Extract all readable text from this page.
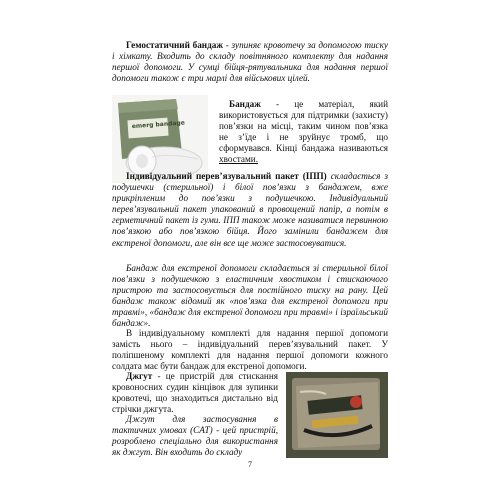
Гемостатичний бандаж - зупиняє кровотечу за допомогою тиску і хімкату. Входить до складу повітняного комплекту для надання першої допомоги. У сумці бійця-рятувальника для надання першої допомоги також є три марлі для військових цілей.

emerg bandage

Бандаж - це матеріал, який використовується для підтримки (захисту) пов’язки на місці, таким чином пов’язка не з’їде і не зруйнує тромб, що сформувався. Кінці бандажа називаються хвостами.

Індивідуальний перев’язувальний пакет (ІПП) складається з подушечки (стерильної) і білої пов’язки з бандажем, вже прикріпленим до пов’язки з подушечкою. Індивідуальний перев’язувальний пакет упакований в провощений папір, а потім в герметичний пакет із гуми. ІПП також може називатися первинною пов’язкою або пов’язкою бійця. Його замінили бандажем для екстреної допомоги, але він все ще може застосовуватися.

Бандаж для екстреної допомоги складається зі стерильної білої пов’язки з подушечкою з еластичним хвостиком і стискаючого пристрою та застосовується для постійного тиску на рану. Цей бандаж також відомий як «пов’язка для екстреної допомоги при травмі», «бандаж для екстреної допомоги при травмі» і ізраїльський бандаж».

В індивідуальному комплекті для надання першої допомоги замість нього – індивідуальний перев’язувальний пакет. У поліпшеному комплекті для надання першої допомоги кожного солдата має бути бандаж для екстреної допомоги.

Джгут - це пристрій для стискання кровоносних судин кінцівок для зупинки кровотечі, що знаходиться дистально від стрічки джгута.

Джгут для застосування в тактичних умовах (CAT) - цей пристрій, розроблено спеціально для використання як джгут. Він входить до складу

7
